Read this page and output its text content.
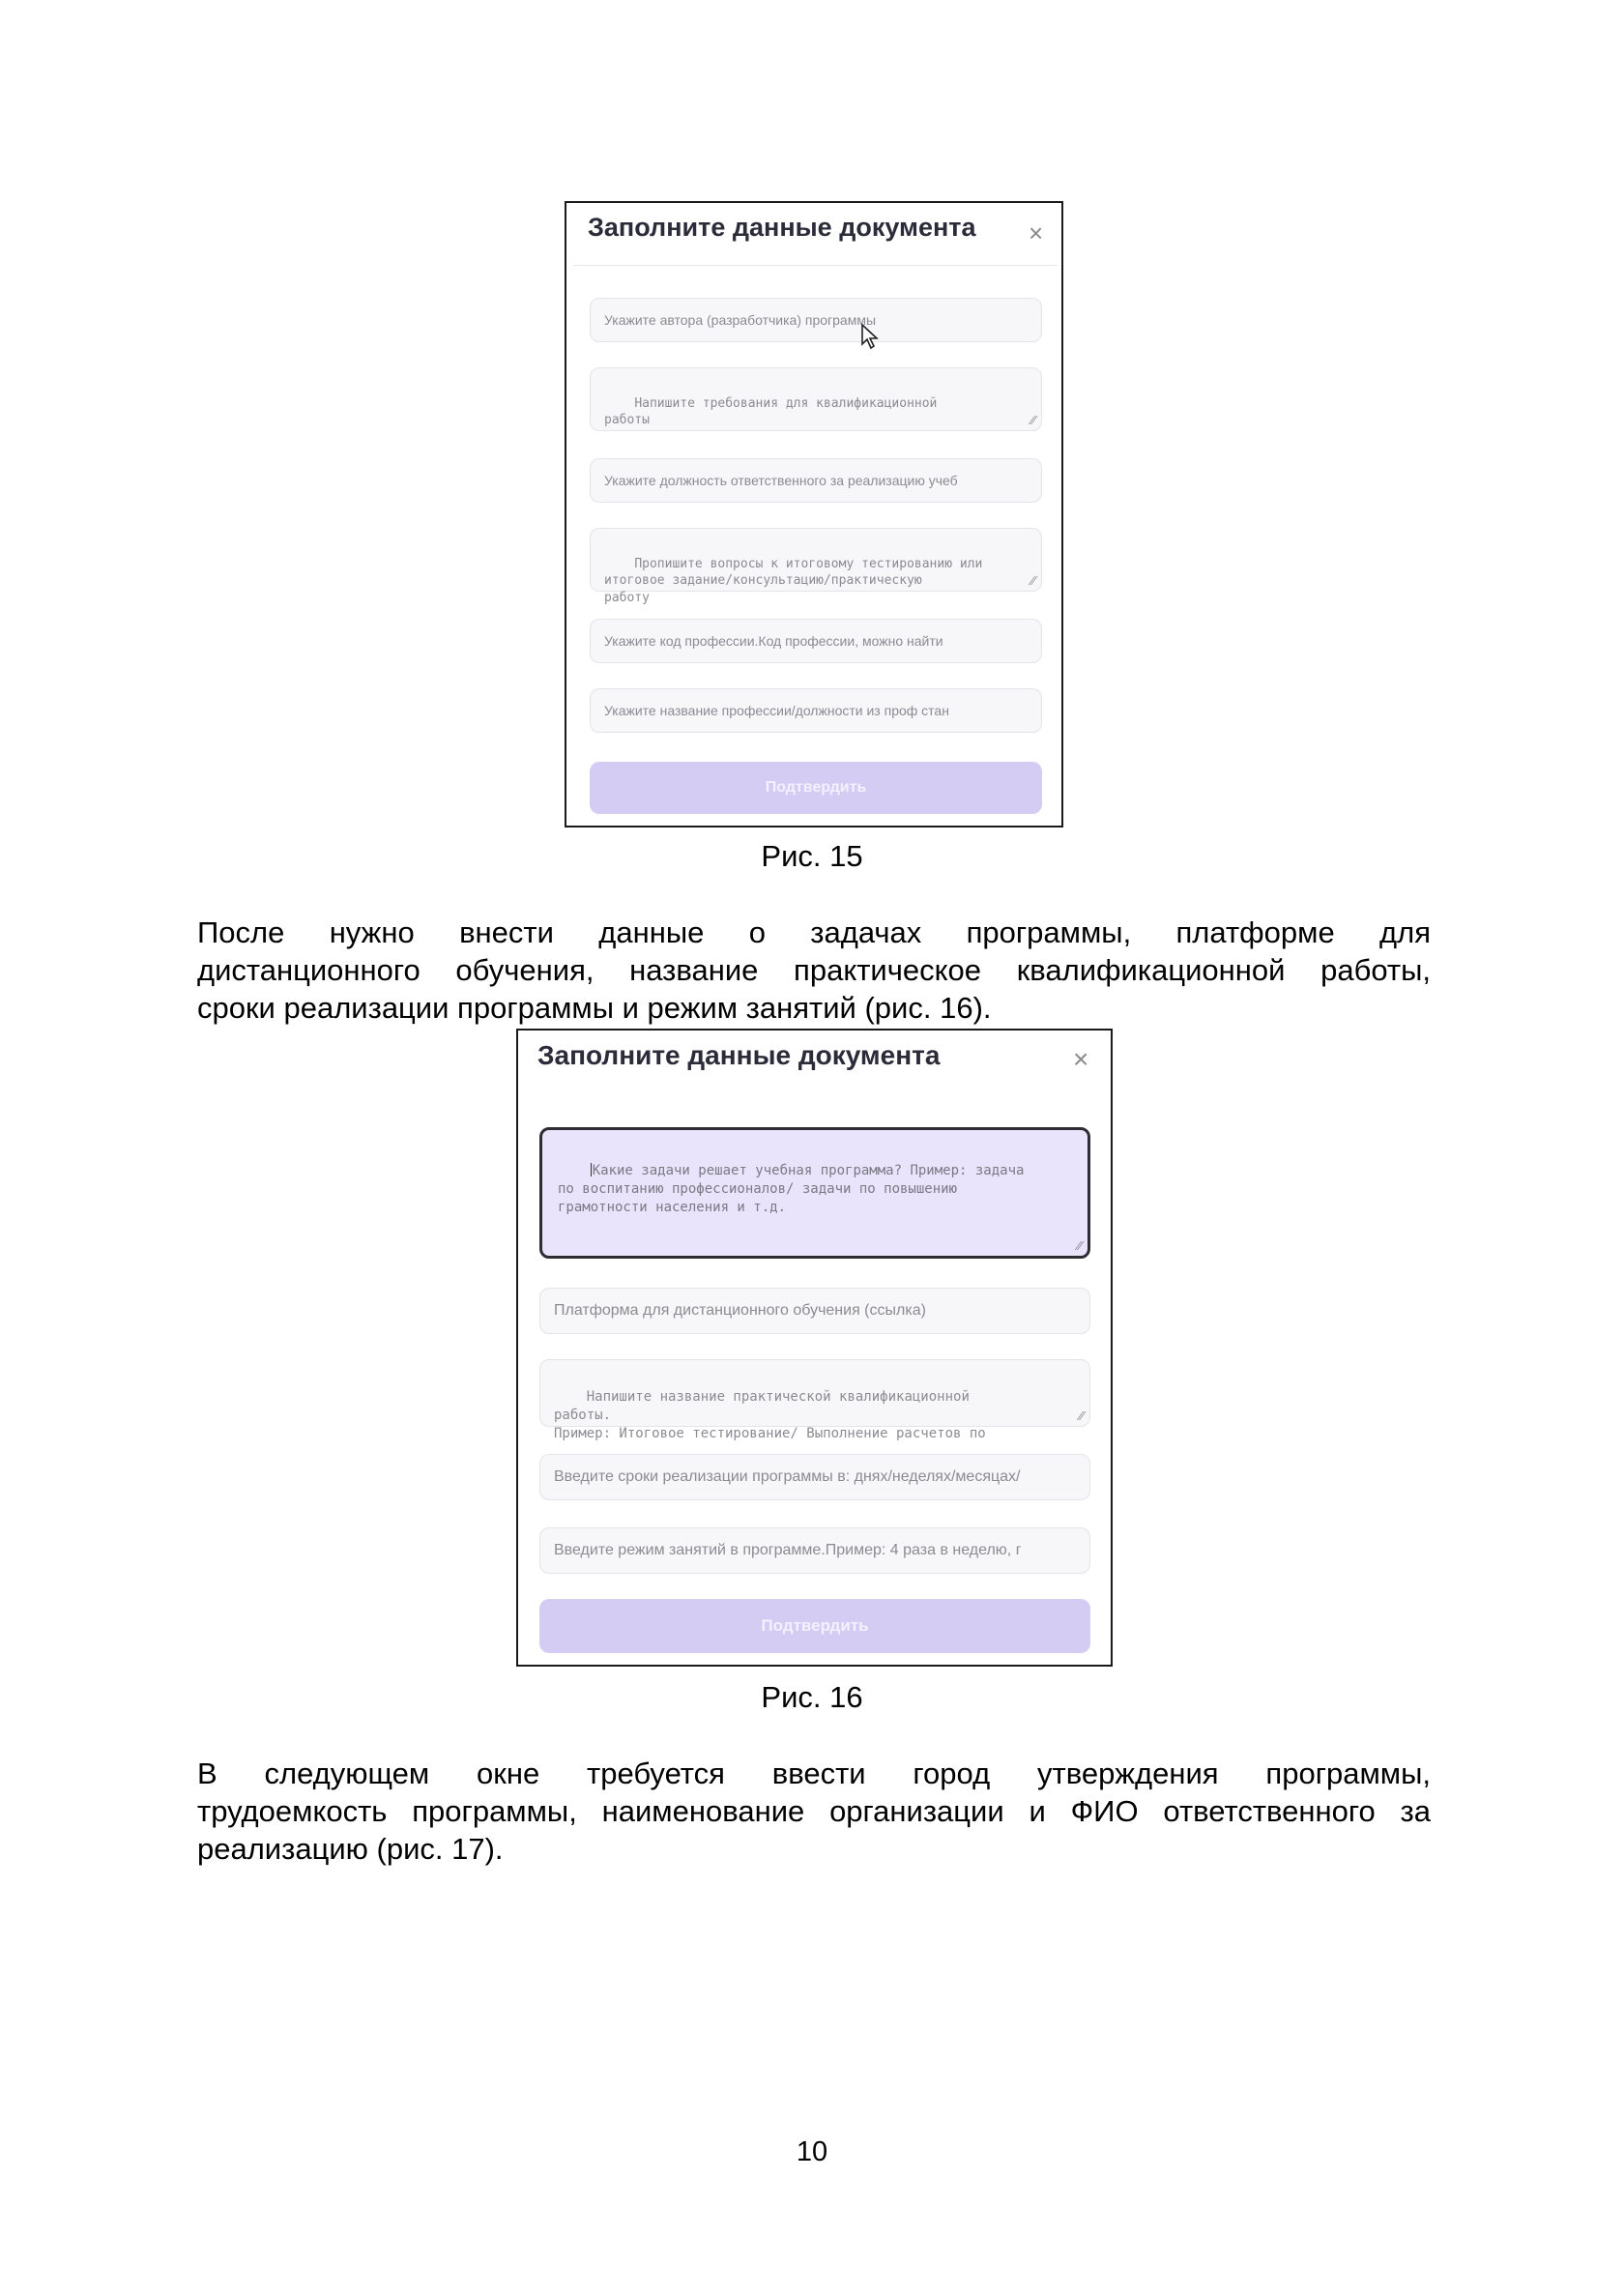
Заполните данные документа ×
Укажите автора (разработчика) программы

Напишите требования для квалификационной
работы
	⁄⁄

Укажите должность ответственного за реализацию учеб

Пропишите вопросы к итоговому тестированию или
итоговое задание/консультацию/практическую
работу

⁄⁄

Укажите код профессии.Код профессии, можно найти
Укажите название профессии/должности из проф стан
Подтвердить
Рис. 15
После нужно внести данные о задачах программы, платформе для
дистанционного обучения, название практическое квалификационной работы,
сроки реализации программы и режим занятий (рис. 16).
Заполните данные документа	×

Какие задачи решает учебная программа? Пример: задача
по воспитанию профессионалов/ задачи по повышению
грамотности населения и т.д.

⁄⁄

Платформа для дистанционного обучения (ссылка)

Напишите название практической квалификационной
работы.
Пример: Итоговое тестирование/ Выполнение расчетов по

⁄⁄

Введите сроки реализации программы в: днях/неделях/месяцах/
Введите режим занятий в программе.Пример: 4 раза в неделю, г
Подтвердить
Рис. 16
В следующем окне требуется ввести город утверждения программы,
трудоемкость программы, наименование организации и ФИО ответственного за
реализацию (рис. 17).
10
